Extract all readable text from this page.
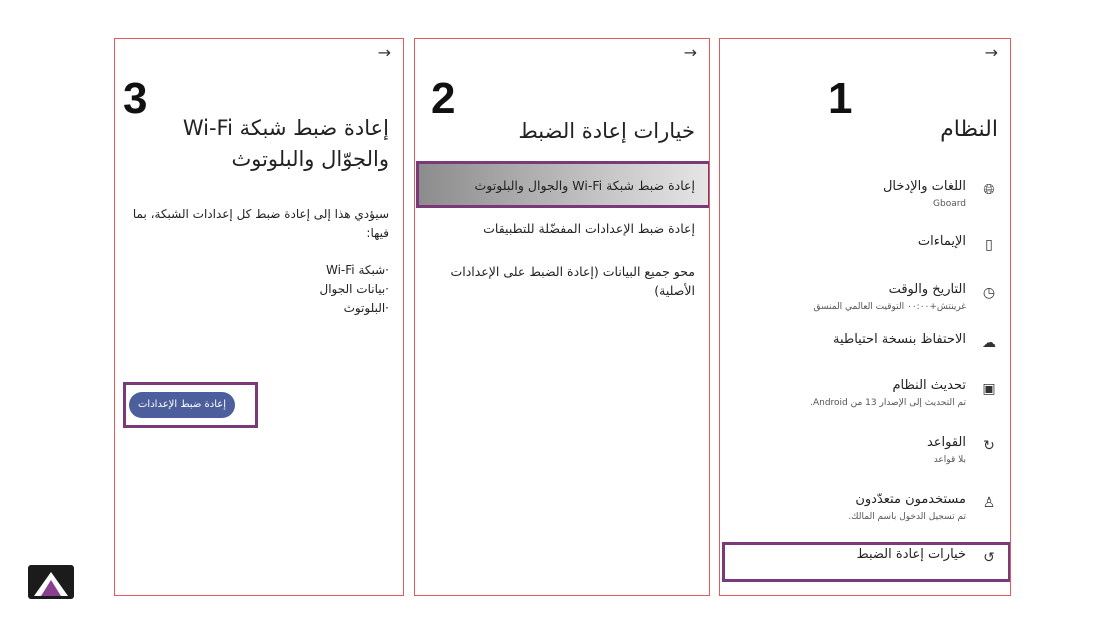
→
3
إعادة ضبط شبكة Wi-Fi
والجوّال والبلوتوث
سيؤدي هذا إلى إعادة ضبط كل إعدادات الشبكة، بما فيها:
·شبكة Wi-Fi
·بيانات الجوال
·البلوتوث
إعادة ضبط الإعدادات
→
2
خيارات إعادة الضبط
إعادة ضبط شبكة Wi-Fi والجوال والبلوتوث
إعادة ضبط الإعدادات المفضّلة للتطبيقات
محو جميع البيانات (إعادة الضبط على الإعدادات الأصلية)
→
1
النظام
🌐︎
اللغات والإدخال
Gboard
▯
الإيماءات
◷
التاريخ والوقت
غرينتش+٠٠:٠٠ التوقيت العالمي المنسق
☁
الاحتفاظ بنسخة احتياطية
▣
تحديث النظام
تم التحديث إلى الإصدار 13 من Android.
↻
القواعد
بلا قواعد
♙
مستخدمون متعدّدون
تم تسجيل الدخول باسم المالك.
↺
خيارات إعادة الضبط
